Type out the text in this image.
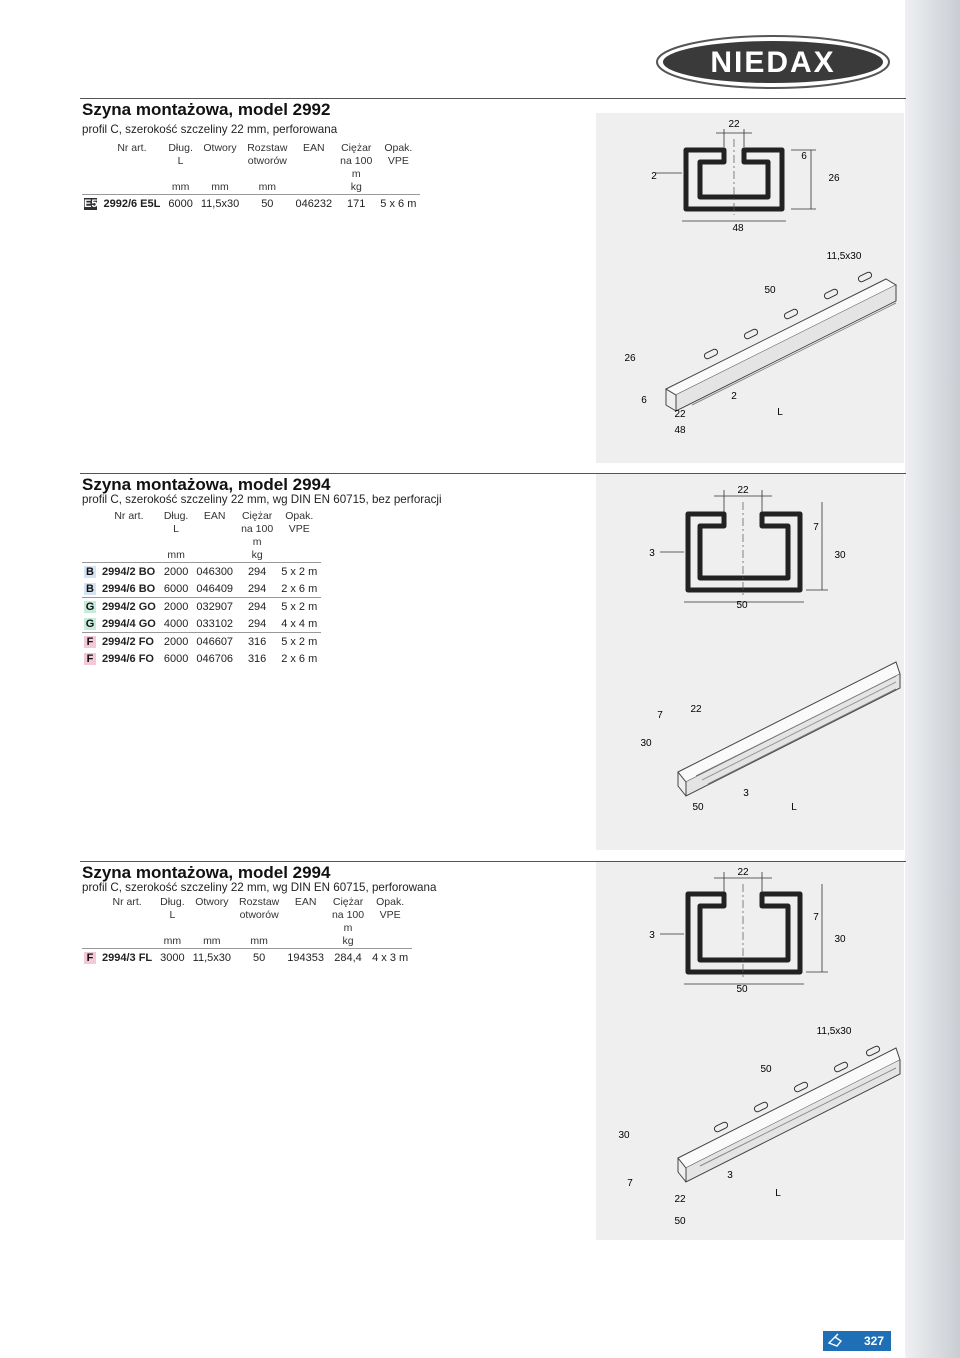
NIEDAX
Szyna montażowa, model 2992
profil C, szerokość szczeliny 22 mm, perforowana
	Nr art.	Dług.	Otwory	Rozstaw	EAN	Ciężar	Opak.
		L		otworów		na 100	VPE
						m	
		mm	mm	mm		kg	

E5	2992/6 E5L	6000	11,5x30	50	046232	171	5 x 6 m
22
6
2	26
48
11,5x30
50
26
6
22
48
2
L
Szyna montażowa, model 2994
profil C, szerokość szczeliny 22 mm, wg DIN EN 60715, bez perforacji
	Nr art.	Dług.	EAN	Ciężar	Opak.
		L		na 100	VPE
				m	
		mm		kg	

B	2994/2 BO	2000	046300	294	5 x 2 m

B	2994/6 BO	6000	046409	294	2 x 6 m

G	2994/2 GO	2000	032907	294	5 x 2 m

G	2994/4 GO	4000	033102	294	4 x 4 m

F	2994/2 FO	2000	046607	316	5 x 2 m

F	2994/6 FO	6000	046706	316	2 x 6 m
22
7
3	30
50
7
22
30
50
3
L
Szyna montażowa, model 2994
profil C, szerokość szczeliny 22 mm, wg DIN EN 60715, perforowana
	Nr art.	Dług.	Otwory	Rozstaw	EAN	Ciężar	Opak.
		L		otworów		na 100	VPE
						m	
		mm	mm	mm		kg	

F	2994/3 FL	3000	11,5x30	50	194353	284,4	4 x 3 m
22
7
3	30
50
11,5x30
50
30
7
22
3
L
50
327
